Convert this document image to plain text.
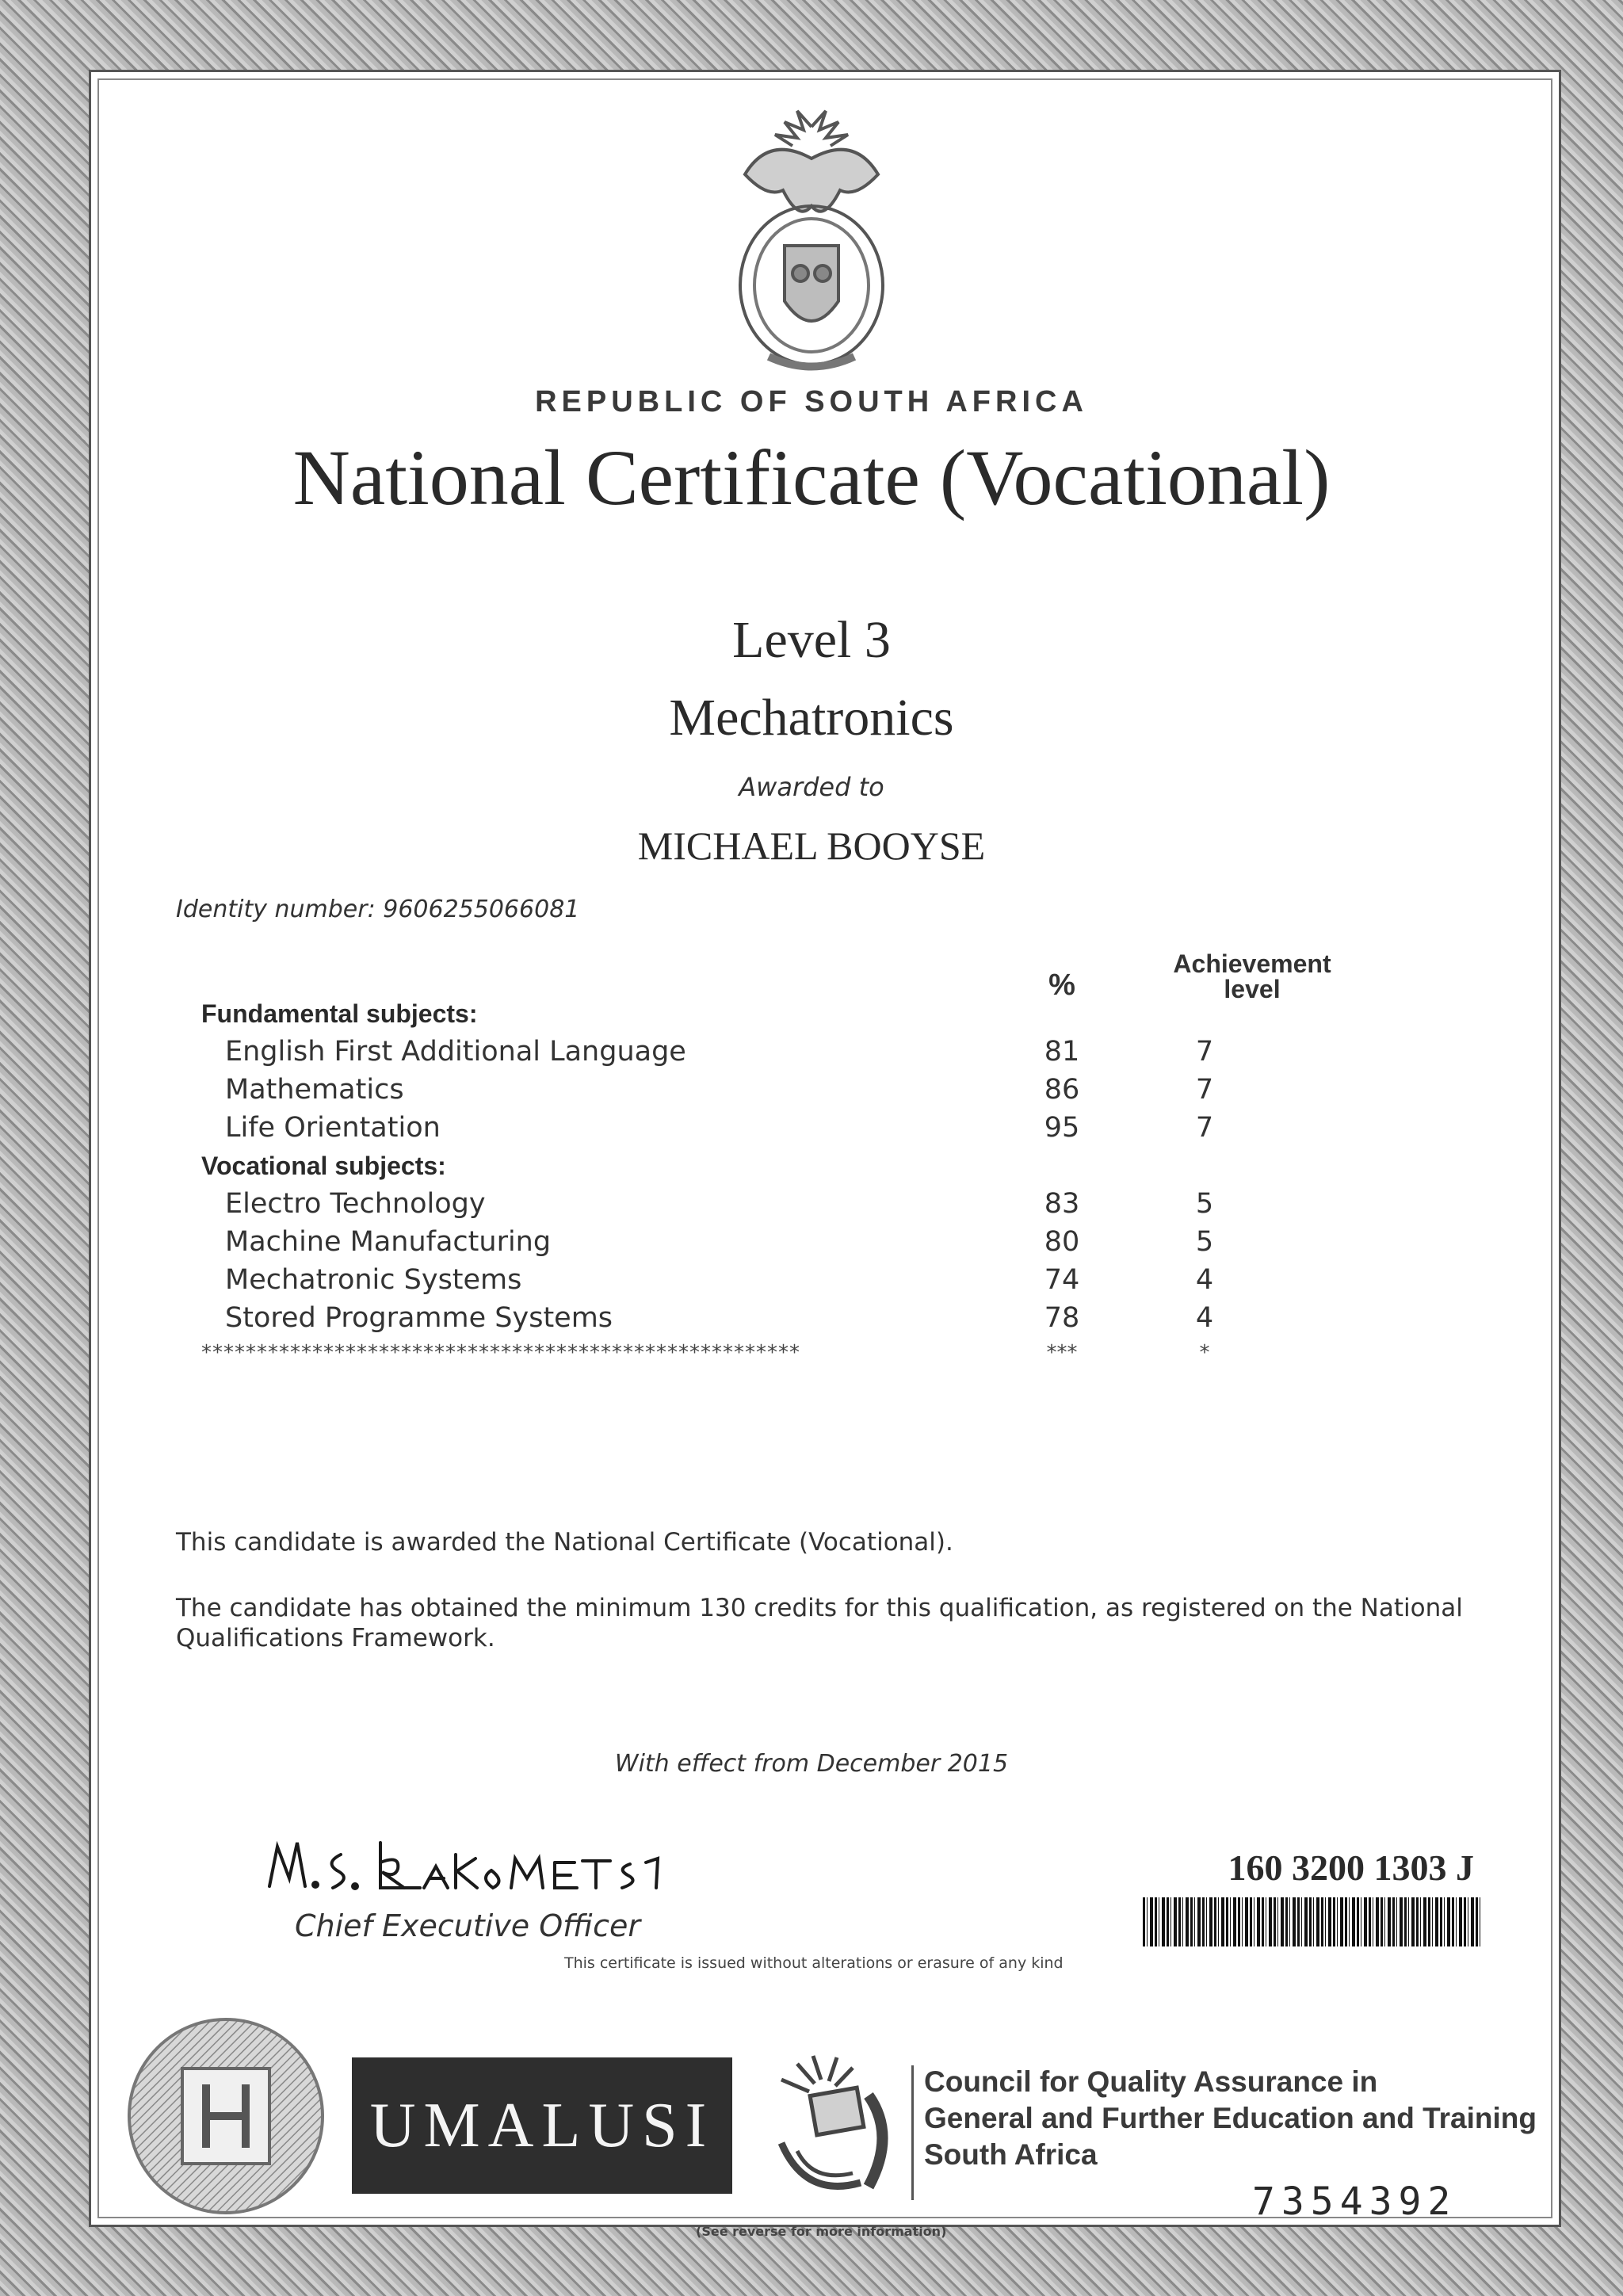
REPUBLIC OF SOUTH AFRICA
National Certificate (Vocational)
Level 3
Mechatronics
Awarded to
MICHAEL BOOYSE
Identity number: 9606255066081
%
Achievement
level
Fundamental subjects:
English First Additional Language	81	7
Mathematics	86	7
Life Orientation	95	7
Vocational subjects:
Electro Technology	83	5
Machine Manufacturing	80	5
Mechatronic Systems	74	4
Stored Programme Systems	78	4
******************************************************	***	*
This candidate is awarded the National Certificate (Vocational).
The candidate has obtained the minimum 130 credits for this qualification, as registered on the National Qualifications Framework.
With effect from December 2015
Chief Executive Officer
This certificate is issued without alterations or erasure of any kind
160 3200 1303 J
UMALUSI
Council for Quality Assurance in
General and Further Education and Training
South Africa
(See reverse for more information)
7354392
